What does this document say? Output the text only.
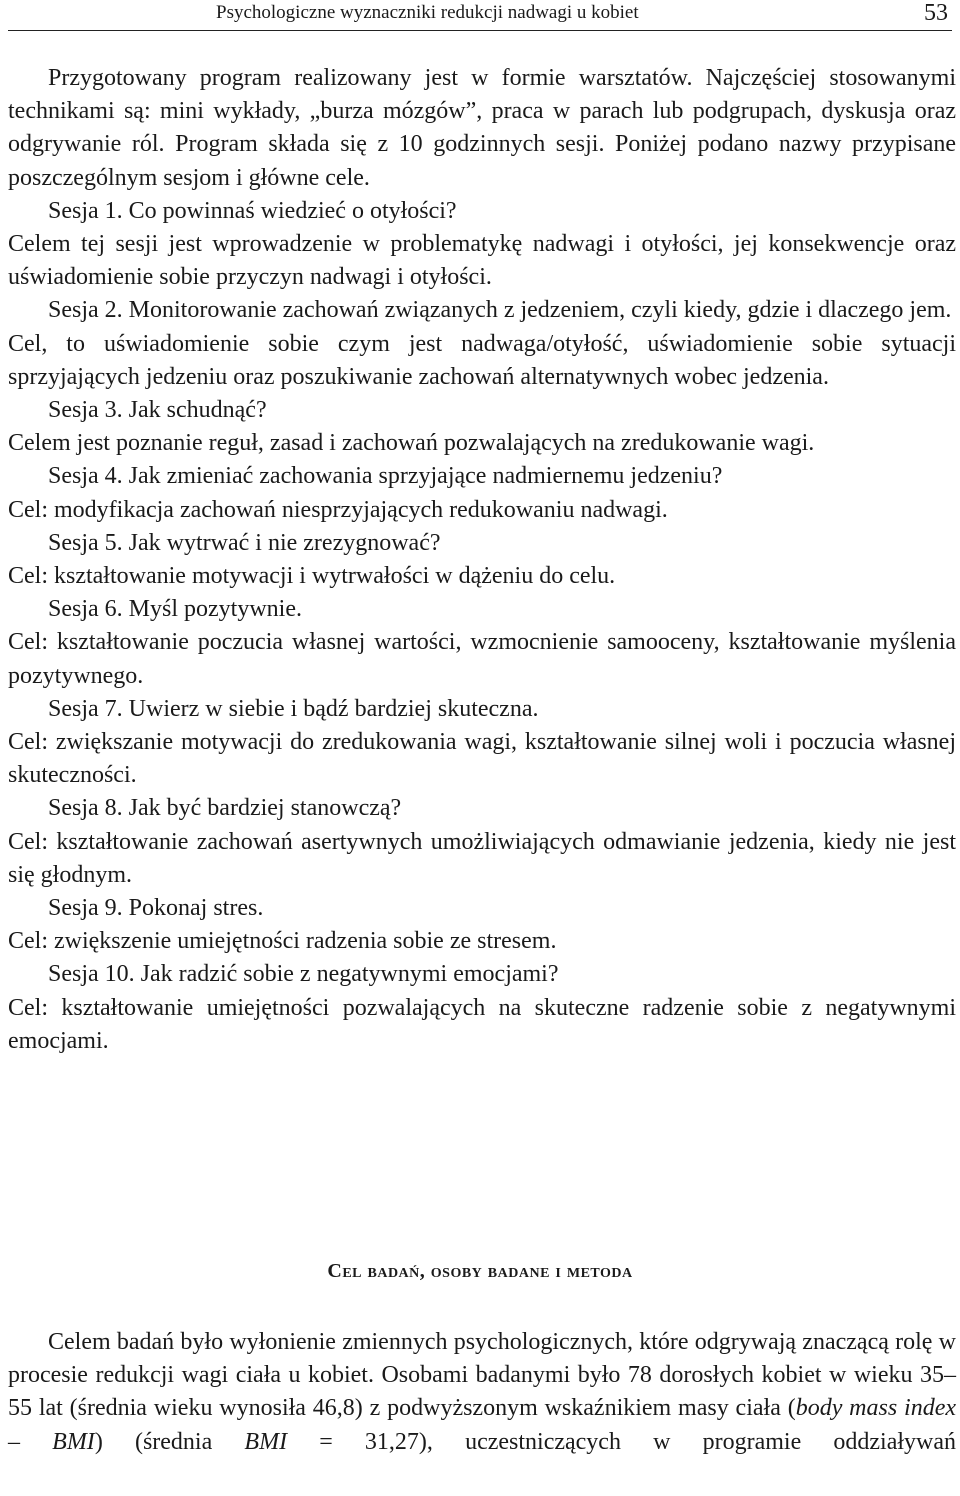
Psychologiczne wyznaczniki redukcji nadwagi u kobiet	53

Przygotowany program realizowany jest w formie warsztatów. Najczęściej stosowanymi technikami są: mini wykłady, „burza mózgów”, praca w parach lub podgrupach, dyskusja oraz odgrywanie ról. Program składa się z 10 godzinnych sesji. Poniżej podano nazwy przypisane poszczególnym sesjom i główne cele.

Sesja 1. Co powinnaś wiedzieć o otyłości?

Celem tej sesji jest wprowadzenie w problematykę nadwagi i otyłości, jej konsekwencje oraz uświadomienie sobie przyczyn nadwagi i otyłości.

Sesja 2. Monitorowanie zachowań związanych z jedzeniem, czyli kiedy, gdzie i dlaczego jem.

Cel, to uświadomienie sobie czym jest nadwaga/otyłość, uświadomienie sobie sytuacji sprzyjających jedzeniu oraz poszukiwanie zachowań alternatywnych wobec jedzenia.

Sesja 3. Jak schudnąć?

Celem jest poznanie reguł, zasad i zachowań pozwalających na zredukowanie wagi.

Sesja 4. Jak zmieniać zachowania sprzyjające nadmiernemu jedzeniu?

Cel: modyfikacja zachowań niesprzyjających redukowaniu nadwagi.

Sesja 5. Jak wytrwać i nie zrezygnować?

Cel: kształtowanie motywacji i wytrwałości w dążeniu do celu.

Sesja 6. Myśl pozytywnie.

Cel: kształtowanie poczucia własnej wartości, wzmocnienie samooceny, kształtowanie myślenia pozytywnego.

Sesja 7. Uwierz w siebie i bądź bardziej skuteczna.

Cel: zwiększanie motywacji do zredukowania wagi, kształtowanie silnej woli i poczucia własnej skuteczności.

Sesja 8. Jak być bardziej stanowczą?

Cel: kształtowanie zachowań asertywnych umożliwiających odmawianie jedzenia, kiedy nie jest się głodnym.

Sesja 9. Pokonaj stres.

Cel: zwiększenie umiejętności radzenia sobie ze stresem.

Sesja 10. Jak radzić sobie z negatywnymi emocjami?

Cel: kształtowanie umiejętności pozwalających na skuteczne radzenie sobie z negatywnymi emocjami.

Cel badań, osoby badane i metoda

Celem badań było wyłonienie zmiennych psychologicznych, które odgrywają znaczącą rolę w procesie redukcji wagi ciała u kobiet. Osobami badanymi było 78 dorosłych kobiet w wieku 35–55 lat (średnia wieku wynosiła 46,8) z podwyższonym wskaźnikiem masy ciała (body mass index – BMI) (średnia BMI = 31,27), uczestniczących w programie oddziaływań
